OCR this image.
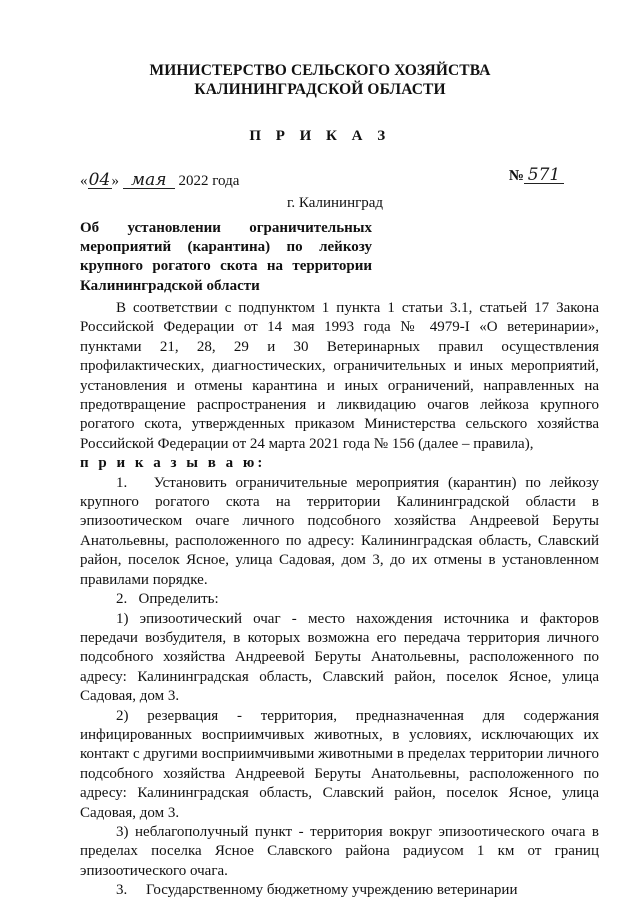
МИНИСТЕРСТВО СЕЛЬСКОГО ХОЗЯЙСТВА
КАЛИНИНГРАДСКОЙ ОБЛАСТИ
П Р И К А З
«04» мая 2022 года	№ 571
г. Калининград
Об установлении ограничительных мероприятий (карантина) по лейкозу крупного рогатого скота на территории Калининградской области

В соответствии с подпунктом 1 пункта 1 статьи 3.1, статьей 17 Закона Российской Федерации от 14 мая 1993 года № 4979-I «О ветеринарии», пунктами 21, 28, 29 и 30 Ветеринарных правил осуществления профилактических, диагностических, ограничительных и иных мероприятий, установления и отмены карантина и иных ограничений, направленных на предотвращение распространения и ликвидацию очагов лейкоза крупного рогатого скота, утвержденных приказом Министерства сельского хозяйства Российской Федерации от 24 марта 2021 года № 156 (далее – правила),

п р и к а з ы в а ю:

1.   Установить ограничительные мероприятия (карантин) по лейкозу крупного рогатого скота на территории Калининградской области в эпизоотическом очаге личного подсобного хозяйства Андреевой Беруты Анатольевны, расположенного по адресу: Калининградская область, Славский район, поселок Ясное, улица Садовая, дом 3, до их отмены в установленном правилами порядке.

2.   Определить:

1) эпизоотический очаг - место нахождения источника и факторов передачи возбудителя, в которых возможна его передача территория личного подсобного хозяйства Андреевой Беруты Анатольевны, расположенного по адресу: Калининградская область, Славский район, поселок Ясное, улица Садовая, дом 3.

2) резервация - территория, предназначенная для содержания инфицированных восприимчивых животных, в условиях, исключающих их контакт с другими восприимчивыми животными в пределах территории личного подсобного хозяйства Андреевой Беруты Анатольевны, расположенного по адресу: Калининградская область, Славский район, поселок Ясное, улица Садовая, дом 3.

3) неблагополучный пункт - территория вокруг эпизоотического очага в пределах поселка Ясное Славского района радиусом 1 км от границ эпизоотического очага.

3.     Государственному бюджетному учреждению ветеринарии
